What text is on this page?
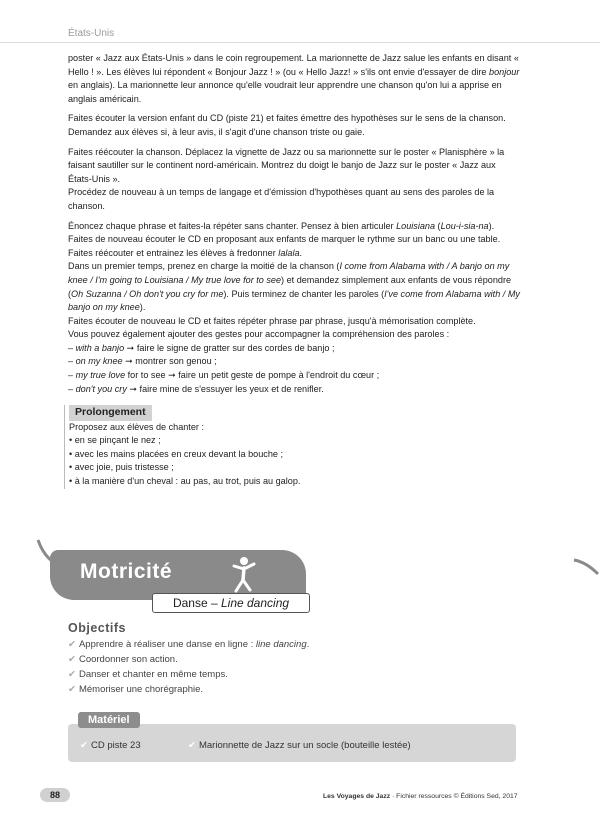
États-Unis

poster « Jazz aux États-Unis » dans le coin regroupement. La marionnette de Jazz salue les enfants en disant « Hello ! ». Les élèves lui répondent « Bonjour Jazz ! » (ou « Hello Jazz! » s'ils ont envie d'essayer de dire bonjour en anglais). La marionnette leur annonce qu'elle voudrait leur apprendre une chanson qu'on lui a apprise en anglais américain.

Faites écouter la version enfant du CD (piste 21) et faites émettre des hypothèses sur le sens de la chanson. Demandez aux élèves si, à leur avis, il s'agit d'une chanson triste ou gaie.

Faites réécouter la chanson. Déplacez la vignette de Jazz ou sa marionnette sur le poster « Planisphère » la faisant sautiller sur le continent nord-américain. Montrez du doigt le banjo de Jazz sur le poster « Jazz aux États-Unis ».

Procédez de nouveau à un temps de langage et d'émission d'hypothèses quant au sens des paroles de la chanson.

Énoncez chaque phrase et faites-la répéter sans chanter. Pensez à bien articuler Louisiana (Lou-i-sia-na).

Faites de nouveau écouter le CD en proposant aux enfants de marquer le rythme sur un banc ou une table.

Faites réécouter et entrainez les élèves à fredonner lalala.

Dans un premier temps, prenez en charge la moitié de la chanson (I come from Alabama with / A banjo on my knee / I'm going to Louisiana / My true love for to see) et demandez simplement aux enfants de vous répondre (Oh Suzanna / Oh don't you cry for me). Puis terminez de chanter les paroles (I've come from Alabama with / My banjo on my knee).

Faites écouter de nouveau le CD et faites répéter phrase par phrase, jusqu'à mémorisation complète.

Vous pouvez également ajouter des gestes pour accompagner la compréhension des paroles :

– with a banjo ➞ faire le signe de gratter sur des cordes de banjo ;
– on my knee ➞ montrer son genou ;
– my true love for to see ➞ faire un petit geste de pompe à l'endroit du cœur ;
– don't you cry ➞ faire mine de s'essuyer les yeux et de renifler.
Prolongement
Proposez aux élèves de chanter :
• en se pinçant le nez ;
• avec les mains placées en creux devant la bouche ;
• avec joie, puis tristesse ;
• à la manière d'un cheval : au pas, au trot, puis au galop.
Motricité
Danse – Line dancing
Objectifs
✔ Apprendre à réaliser une danse en ligne : line dancing.
✔ Coordonner son action.
✔ Danser et chanter en même temps.
✔ Mémoriser une chorégraphie.
Matériel
✔ CD piste 23	✔ Marionnette de Jazz sur un socle (bouteille lestée)
88	Les Voyages de Jazz · Fichier ressources © Éditions Sed, 2017
